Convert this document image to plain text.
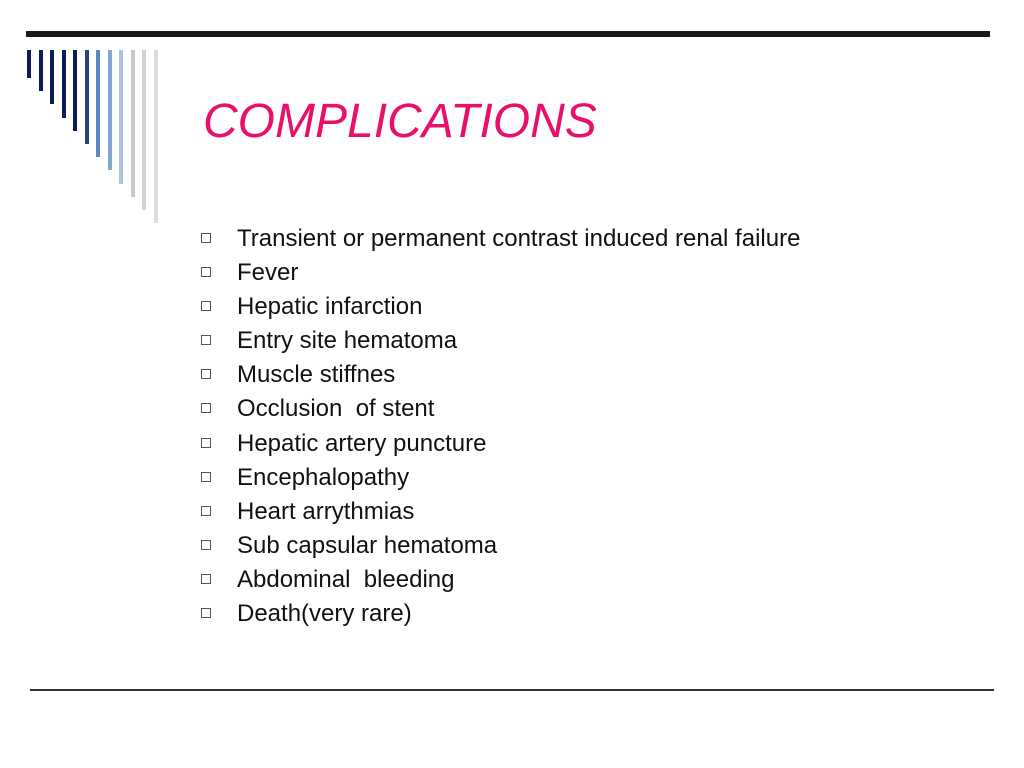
COMPLICATIONS
Transient or permanent contrast induced renal failure
Fever
Hepatic infarction
Entry site hematoma
Muscle stiffnes
Occlusion  of stent
Hepatic artery puncture
Encephalopathy
Heart arrythmias
Sub capsular hematoma
Abdominal  bleeding
Death(very rare)
